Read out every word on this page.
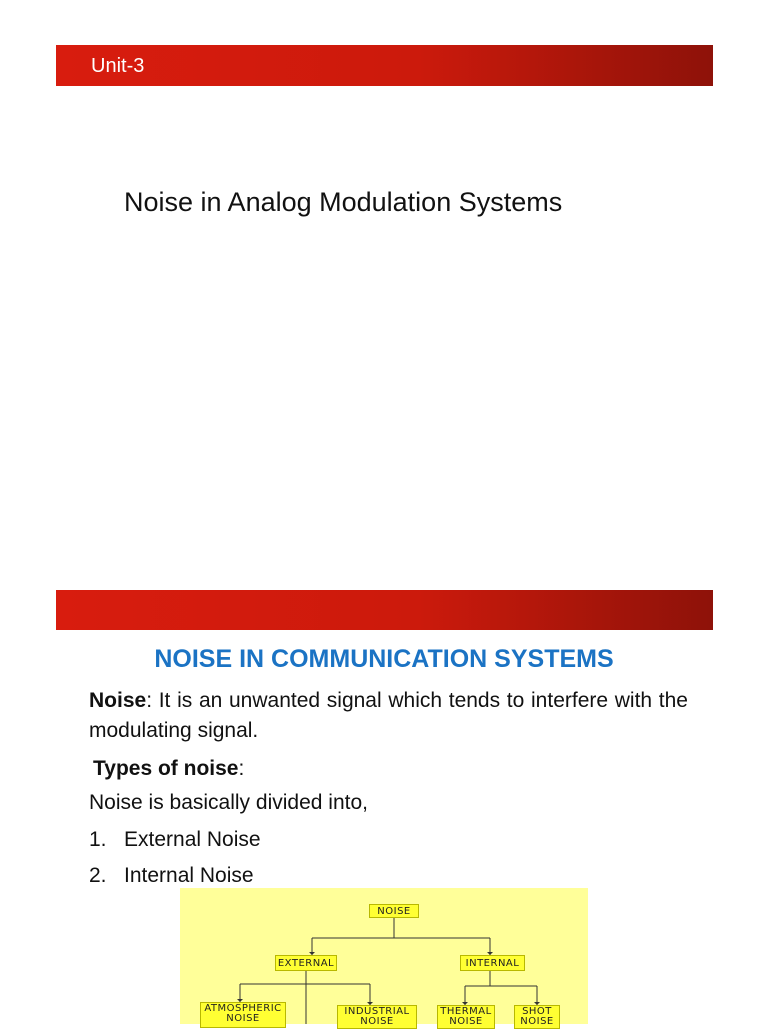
Unit-3
Noise in Analog Modulation Systems
NOISE IN COMMUNICATION SYSTEMS
Noise: It is an unwanted signal which tends to interfere with the modulating signal.
Types of noise:
Noise is basically divided into,
1. External Noise
2. Internal Noise
NOISE
EXTERNAL	INTERNAL
ATMOSPHERIC NOISE
INDUSTRIAL NOISE
THERMAL NOISE
SHOT NOISE
